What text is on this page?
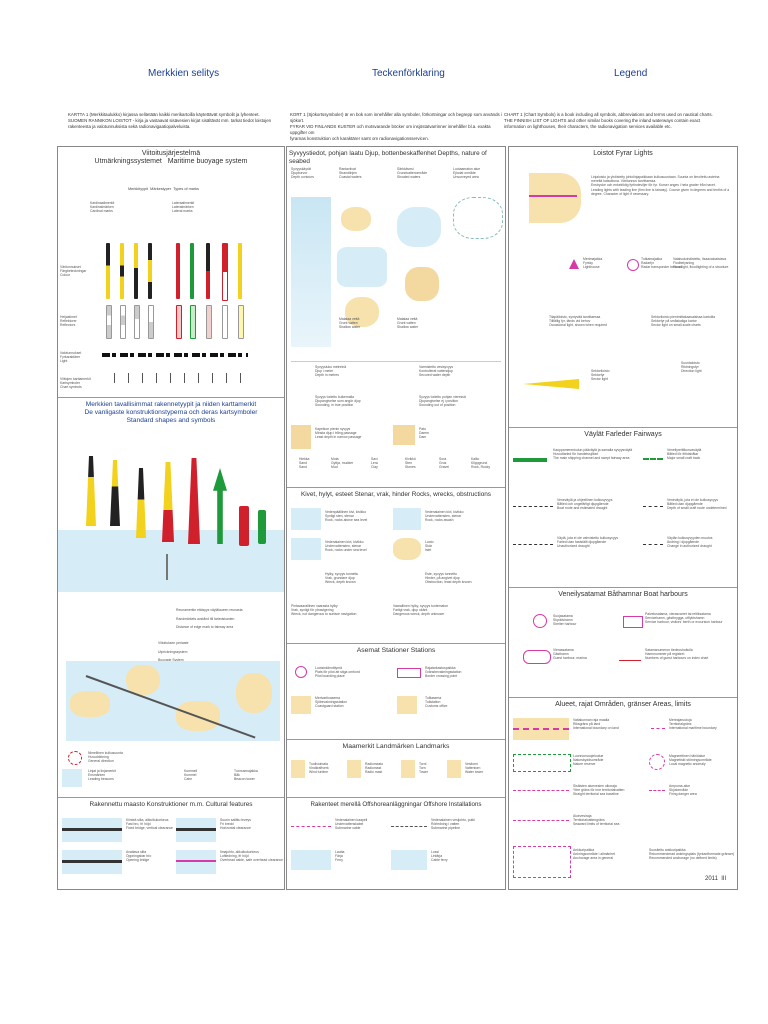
Merkkien selitys	Teckenförklaring	Legend
KARTTA 1 (Merkkitaulukko) kirjassa selitetään kaikki merikartoilla käytettävät symbolit ja lyhenteet.
SUOMEN RANNIKON LOISTOT - kirja ja vastaavat sisävesien kirjat sisältävät mm. tarkat tiedot loistojen
rakenteesta ja valotunnuksista sekä radionavigaatiopalveluista.
KORT 1 (Sjökortssymboler) är en bok som innehåller alla symboler, förkortningar och begrepp som används i sjökort.
FYRAR VID FINLANDS KUSTER och motsvarande böcker om insjöstatvarrinner innehåller bl.a. exakta uppgifter om
fyrarnas konstruktion och karaktärer samt om radionavigationsservicen.
CHART 1 (Chart Symbols) is a book including all symbols, abbreviations and terms used on nautical charts.
THE FINNISH LIST OF LIGHTS and other similar books covering the inland waterways contain exact
information on lighthouses, their characters, the radionavigation services available etc.
Viitoitusjärjestelmä
Utmärkningssystemet Maritime buoyage system
Merkkityypit Märkestyper Types of marks
Kardinaalimerkit
Kardinalmärken
Cardinal marks
Lateraalimerkit
Lateralmärken
Lateral marks
Väritunnukset
Färgbeteckningar
Colour
Heijastimet
Reflektorer
Reflectors
Valotunnukset
Fyrkaraktärer
Light
Viittojen karttamerkit
Kartsymboler
Chart symbols
Merkkien tavallisimmat rakennetyypit ja niiden karttamerkit
De vanligaste konstruktionstyperna och deras kartsymboler
Standard shapes and symbols

Reunamerkin etäisyys väylälaueen reunasta

Randmärkets avstånd till farledskanten

Distance of edge mark to fairway area

Viitoituksen periaate

Utprickningssystem

Nimellinen kulkusuunta
Huvudriktning
General direction
Linjat ja linjamerkit
Ensmärken
Leading beacons
Kummeli
Kummel
Cairn
Tunnusmajakka
Båk
Beacon tower
Rakennettu maasto Konstruktioner m.m. Cultural features
Kiinteä silta, alikulkukorkeus
Fast bro, fri höjd
Fixed bridge, vertical clearance
Suurin sallittu leveys
Fri bredd
Horizontal clearance
Avattava silta
Öppningsbar bro
Opening bridge
Ilmajohto, alikulkukorkeus
Luftledning, fri höjd
Overhead cable, safe overhead clearance
Syvyystiedot, pohjan laatu Djup, bottenbeskaffenhet Depths, nature of seabed
Syvyyskäyrät
Djupkurvor
Depth contours
Rantaviivat
Strandlinjen
Coastal waters
Särkkävesi
Grundvattenområde
Shoaled waters
Luotaamaton alue
Ejlodat område
Unsurveyed area
Matalaa vettä
Grunt vatten
Shallow water
Matalaa vettä
Grunt vatten
Shallow water
Syvyysluku metreinä
Djup i meter
Depth in metres
Varmistettu vesisyvyys
Kontrollerat vattendjup
Secured water depth
Syvyys todettu kulkemalla
Djupangivelse som angör djup
Sounding, in true position
Syvyys todettu pohjan vieressä
Djupangivelse ej i position
Sounding out of position
Kapeikon pienin syvyys
Minsta djup i trång passage
Least depth in narrow passage
Patu
Damm
Dam
Hiekka
Sand
Sand
Muta
Gyttja, mudder
Mud
Savi
Lera
Clay
Kivikkö
Sten
Stones
Sora
Grus
Gravel
Kallio
Klippgrund
Rock, Rocky
Kivet, hylyt, esteet Stenar, vrak, hinder Rocks, wrecks, obstructions
Vedenpäällinen kivi, kivikko
Synligt sten, stenar
Rock, rocks above sea level
Vedenalainen kivi, kivikko
Undervattensten, stenar
Rock, rocks awash
Vedenalainen kivi, kivikko
Undervattensten, stenar
Rock, rocks under sea level
Luoto
Skär
Islet
Hylky, syvyys tunnettu
Vrak, grundare djup
Wreck, depth known
Este, syvyys tunnettu
Hinder, på angivet djup
Obstruction, least depth known
Pintavaarallinen vaarasta hylky
Vrak, synligt för ytnavigering
Wreck, not dangerous to surface navigation
Vaarallinen hylky, syvyys tuntematon
Farligt vrak, djup okänt
Dangerous wreck, depth unknown
Asemat Stationer Stations
Luotsinkiinnittymä
Plats för pilot att stiga ombord
Pilot boarding place
Rajatarkastuspaikka
Gränsbevakningsstation
Border crossing point
Merivartioasema
Sjöbevakningsstation
Coastguard station
Tulliasema
Tullstation
Customs office
Maamerkit Landmärken Landmarks
Tuulivoimala
Vindkraftverk
Wind turbine
Radiomasto
Radiomast
Radio mast
Torni
Torn
Tower
Vesitorni
Vattentorn
Water tower
Rakenteet merellä Offshoreanläggningar Offshore Installations
Vedenalainen kaapeli
Undervattenskabel
Submarine cable
Vedenalainen vesijohto, putki
Rörledning i vatten
Submarine pipeline
Lautta
Färja
Ferry
Lossi
Linfärja
Cable ferry
Loistot Fyrar Lights
Linjaloisto ja yhdistetty johtolinjapaikkaan kulkusuuntaan. Suunta on ilmoitettu asteina mereltä katsottuna. Väritunnus tarvittaessa.
Enstrycke och enkelriktig fyrtindeviljer för fyr. Kurser anges i hela grader från havet.
Leading lights with leading line (firm line is fairway). Course given in degrees and tenths of a degree. Character of light if necessary.
Merimajakka
Fyrsky
Lighthouse
Tutkamajakka
Radarfyr
Radar transponder beacon
Valaisukohdistettu, lisaavaloaistava
Flodbelysning
Floodlight, floodlighting of a structure
Tilapäiloisto, syntyvää tarvittaessa
Tillfällig fyr, tänds vid behov
Occasional light, shown when required
Sektoriloisto pienimittakaavaisissa kartoilla
Sektorfyr på småskaliga kartor
Sector light on small-scale charts
Sektoriloisto
Sektorfyr
Sector light
Suuntaloisto
Riktningsfyr
Direction light
Väylät Farleder Fairways
Kauppamerenkulun pääväylä ja samalla syvyysväylä
Huvudfarled för handelssjöfart
The main shipping channel and swept fairway area
Veneilyreittikunvaväylä
Båtled för fritidsbåtar
Major small craft track
Veneväylä ja ohjeellinen kulkusyvyys
Båtled och ungefärligt djupgående
Boat route and estimated draught
Veneväylä, jota ei ole kulkusyvyys
Båtled utan djupgående
Depth of small craft route undetermined
Väylä, jota ei ole vahvistettu kulkusyvyys
Farled utan fastställt djupgående
Unauthorized draught
Väylän kulkusyvyyden muutos
Ändring i djupgående
Change in authorized draught
Veneilysatamat Båthamnar Boat harbours
Suojasatama
Skyddshamn
Shelter harbour
Palvelusatama, vierasvarret tai reitiksatama
Servicehamn, gästbrygga, utflyktshamn
Service harbour, visitors' berth or excursion harbour
Vierassatama
Gästhamn
Guest harbour, marina
Satamanumeron tiedeoshoitulla
Hamnnummer på registret
Numbers of guest harbours on index chart
Alueet, rajat Områden, gränser Areas, limits
Valtakunnan raja maalla
Riksgräns på land
International boundary on land
Merirajaruutuja
Territorialgräns
International maritime boundary
Luonnonsuojelualue
Naturskyddsområde
Nature reserve
Magneettinen häiriöalue
Magnetiskt störningsområde
Local magnetic anomaly
Sisäisten aluevesien ulkoraja
Yttre gräns för inre territorialvatten
Straight territorial sea baseline
Ampuma-alue
Skjutområde
Firing danger area
Aluevesiraja
Territorialvattengräns
Seaward limits of territorial sea
Ankkuripaikka
Ankringsområde i allmänhet
Anchorage area in general
Suositeltu ankkuripaikka
Rekommenderad ankringsplats (fyrkantformade gränser)
Recommended anchorage (no defined limits)
2011 III
